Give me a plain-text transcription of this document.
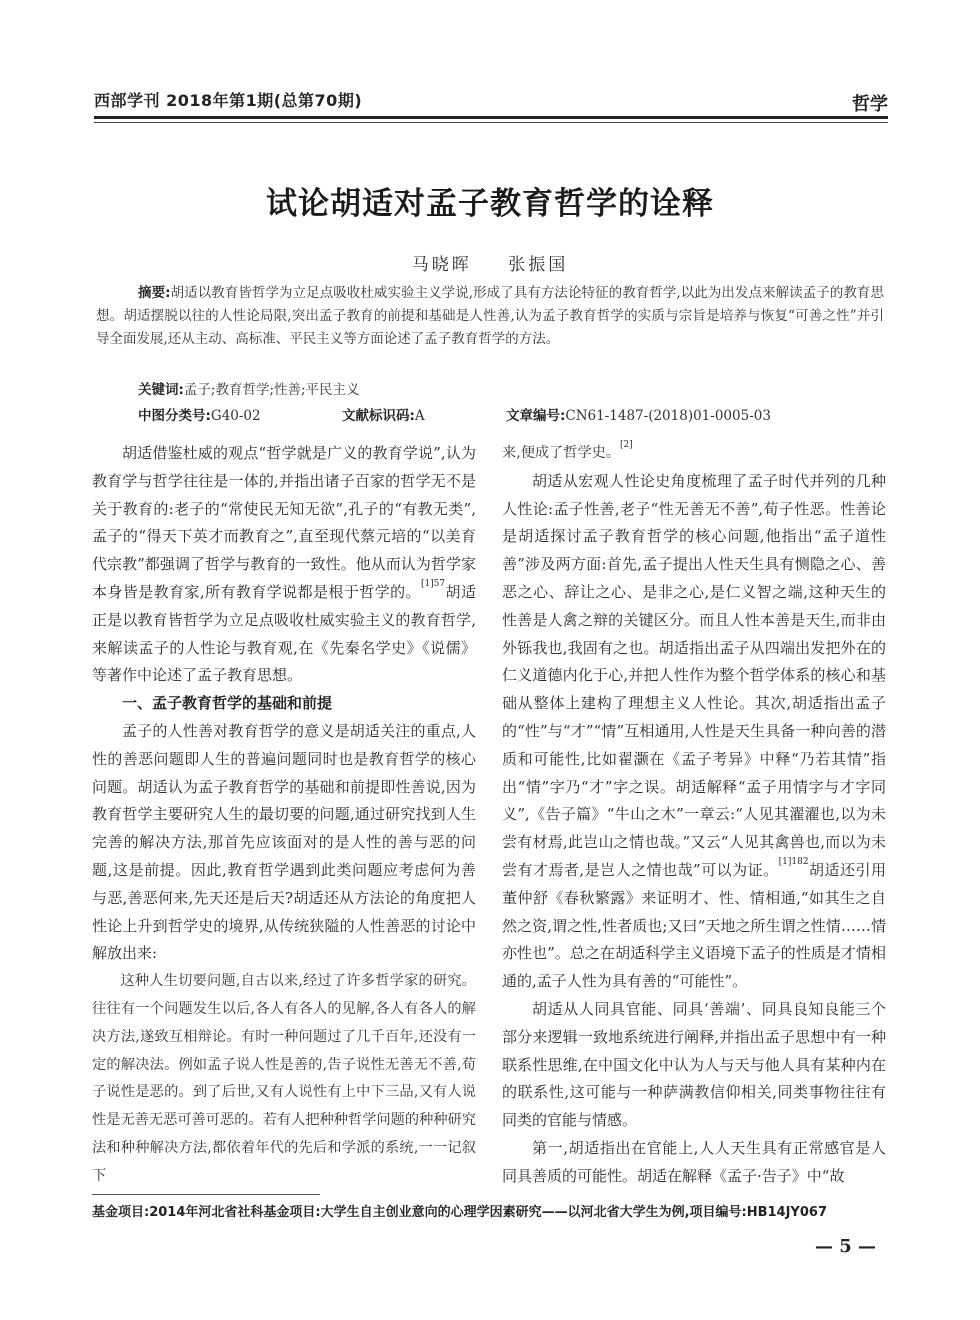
西部学刊 2018年第1期(总第70期)	哲学
试论胡适对孟子教育哲学的诠释
马晓晖 张振国
摘要:胡适以教育皆哲学为立足点吸收杜威实验主义学说,形成了具有方法论特征的教育哲学,以此为出发点来解读孟子的教育思想。胡适摆脱以往的人性论局限,突出孟子教育的前提和基础是人性善,认为孟子教育哲学的实质与宗旨是培养与恢复“可善之性”并引导全面发展,还从主动、高标准、平民主义等方面论述了孟子教育哲学的方法。
关键词:孟子;教育哲学;性善;平民主义
中图分类号:G40-02	文献标识码:A	文章编号:CN61-1487-(2018)01-0005-03

胡适借鉴杜威的观点“哲学就是广义的教育学说”,认为教育学与哲学往往是一体的,并指出诸子百家的哲学无不是关于教育的:老子的“常使民无知无欲”,孔子的“有教无类”,孟子的“得天下英才而教育之”,直至现代蔡元培的“以美育代宗教”都强调了哲学与教育的一致性。他从而认为哲学家本身皆是教育家,所有教育学说都是根于哲学的。$^{[1]57}$胡适正是以教育皆哲学为立足点吸收杜威实验主义的教育哲学,来解读孟子的人性论与教育观,在《先秦名学史》《说儒》等著作中论述了孟子教育思想。

一、孟子教育哲学的基础和前提

孟子的人性善对教育哲学的意义是胡适关注的重点,人性的善恶问题即人生的普遍问题同时也是教育哲学的核心问题。胡适认为孟子教育哲学的基础和前提即性善说,因为教育哲学主要研究人生的最切要的问题,通过研究找到人生完善的解决方法,那首先应该面对的是人性的善与恶的问题,这是前提。因此,教育哲学遇到此类问题应考虑何为善与恶,善恶何来,先天还是后天?胡适还从方法论的角度把人性论上升到哲学史的境界,从传统狭隘的人性善恶的讨论中解放出来:

这种人生切要问题,自古以来,经过了许多哲学家的研究。往往有一个问题发生以后,各人有各人的见解,各人有各人的解决方法,遂致互相辩论。有时一种问题过了几千百年,还没有一定的解决法。例如孟子说人性是善的,告子说性无善无不善,荀子说性是恶的。到了后世,又有人说性有上中下三品,又有人说性是无善无恶可善可恶的。若有人把种种哲学问题的种种研究法和种种解决方法,都依着年代的先后和学派的系统,一一记叙下

来,便成了哲学史。[2]

胡适从宏观人性论史角度梳理了孟子时代并列的几种人性论:孟子性善,老子“性无善无不善”,荀子性恶。性善论是胡适探讨孟子教育哲学的核心问题,他指出“孟子道性善”涉及两方面:首先,孟子提出人性天生具有恻隐之心、善恶之心、辞让之心、是非之心,是仁义智之端,这种天生的性善是人禽之辩的关键区分。而且人性本善是天生,而非由外铄我也,我固有之也。胡适指出孟子从四端出发把外在的仁义道德内化于心,并把人性作为整个哲学体系的核心和基础从整体上建构了理想主义人性论。其次,胡适指出孟子的“性”与“才”“情”互相通用,人性是天生具备一种向善的潜质和可能性,比如翟灏在《孟子考异》中释“乃若其情”指出“情”字乃“才”字之误。胡适解释“孟子用情字与才字同义”,《告子篇》“牛山之木”一章云:“人见其濯濯也,以为未尝有材焉,此岂山之情也哉。”又云“人见其禽兽也,而以为未尝有才焉者,是岂人之情也哉”可以为证。$^{[1]182}$胡适还引用董仲舒《春秋繁露》来证明才、性、情相通,“如其生之自然之资,谓之性,性者质也;又曰“天地之所生谓之性情……情亦性也”。总之在胡适科学主义语境下孟子的性质是才情相通的,孟子人性为具有善的“可能性”。

胡适从人同具官能、同具‘善端’、同具良知良能三个部分来逻辑一致地系统进行阐释,并指出孟子思想中有一种联系性思维,在中国文化中认为人与天与他人具有某种内在的联系性,这可能与一种萨满教信仰相关,同类事物往往有同类的官能与情感。

第一,胡适指出在官能上,人人天生具有正常感官是人同具善质的可能性。胡适在解释《孟子·告子》中“故

基金项目:2014年河北省社科基金项目:大学生自主创业意向的心理学因素研究——以河北省大学生为例,项目编号:HB14JY067
— 5 —
